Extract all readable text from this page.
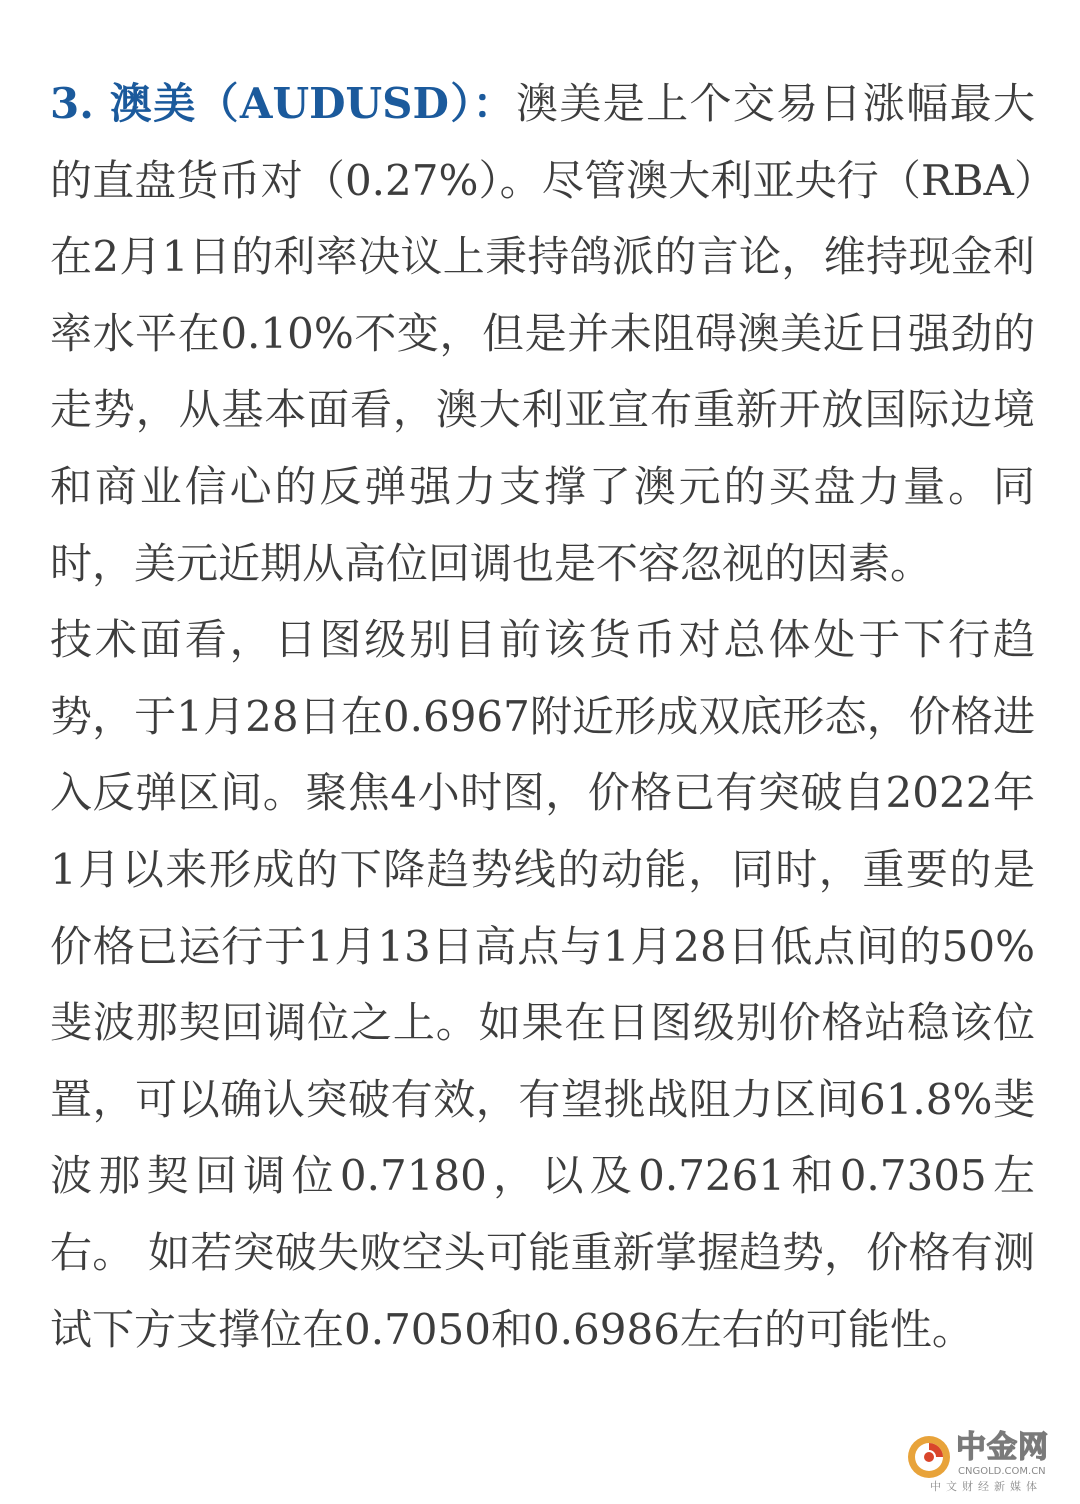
3. 澳美（AUDUSD）：澳美是上个交易日涨幅最大的直盘货币对（0.27%）。尽管澳大利亚央行（RBA）在2月1日的利率决议上秉持鸽派的言论，维持现金利率水平在0.10%不变，但是并未阻碍澳美近日强劲的走势，从基本面看，澳大利亚宣布重新开放国际边境和商业信心的反弹强力支撑了澳元的买盘力量。同时，美元近期从高位回调也是不容忽视的因素。

技术面看，日图级别目前该货币对总体处于下行趋势，于1月28日在0.6967附近形成双底形态，价格进入反弹区间。聚焦4小时图，价格已有突破自2022年1月以来形成的下降趋势线的动能，同时，重要的是价格已运行于1月13日高点与1月28日低点间的50%斐波那契回调位之上。如果在日图级别价格站稳该位置，可以确认突破有效，有望挑战阻力区间61.8%斐波那契回调位0.7180，以及0.7261和0.7305左右。 如若突破失败空头可能重新掌握趋势，价格有测试下方支撑位在0.7050和0.6986左右的可能性。

中金网
CNGOLD.COM.CN
中文财经新媒体
